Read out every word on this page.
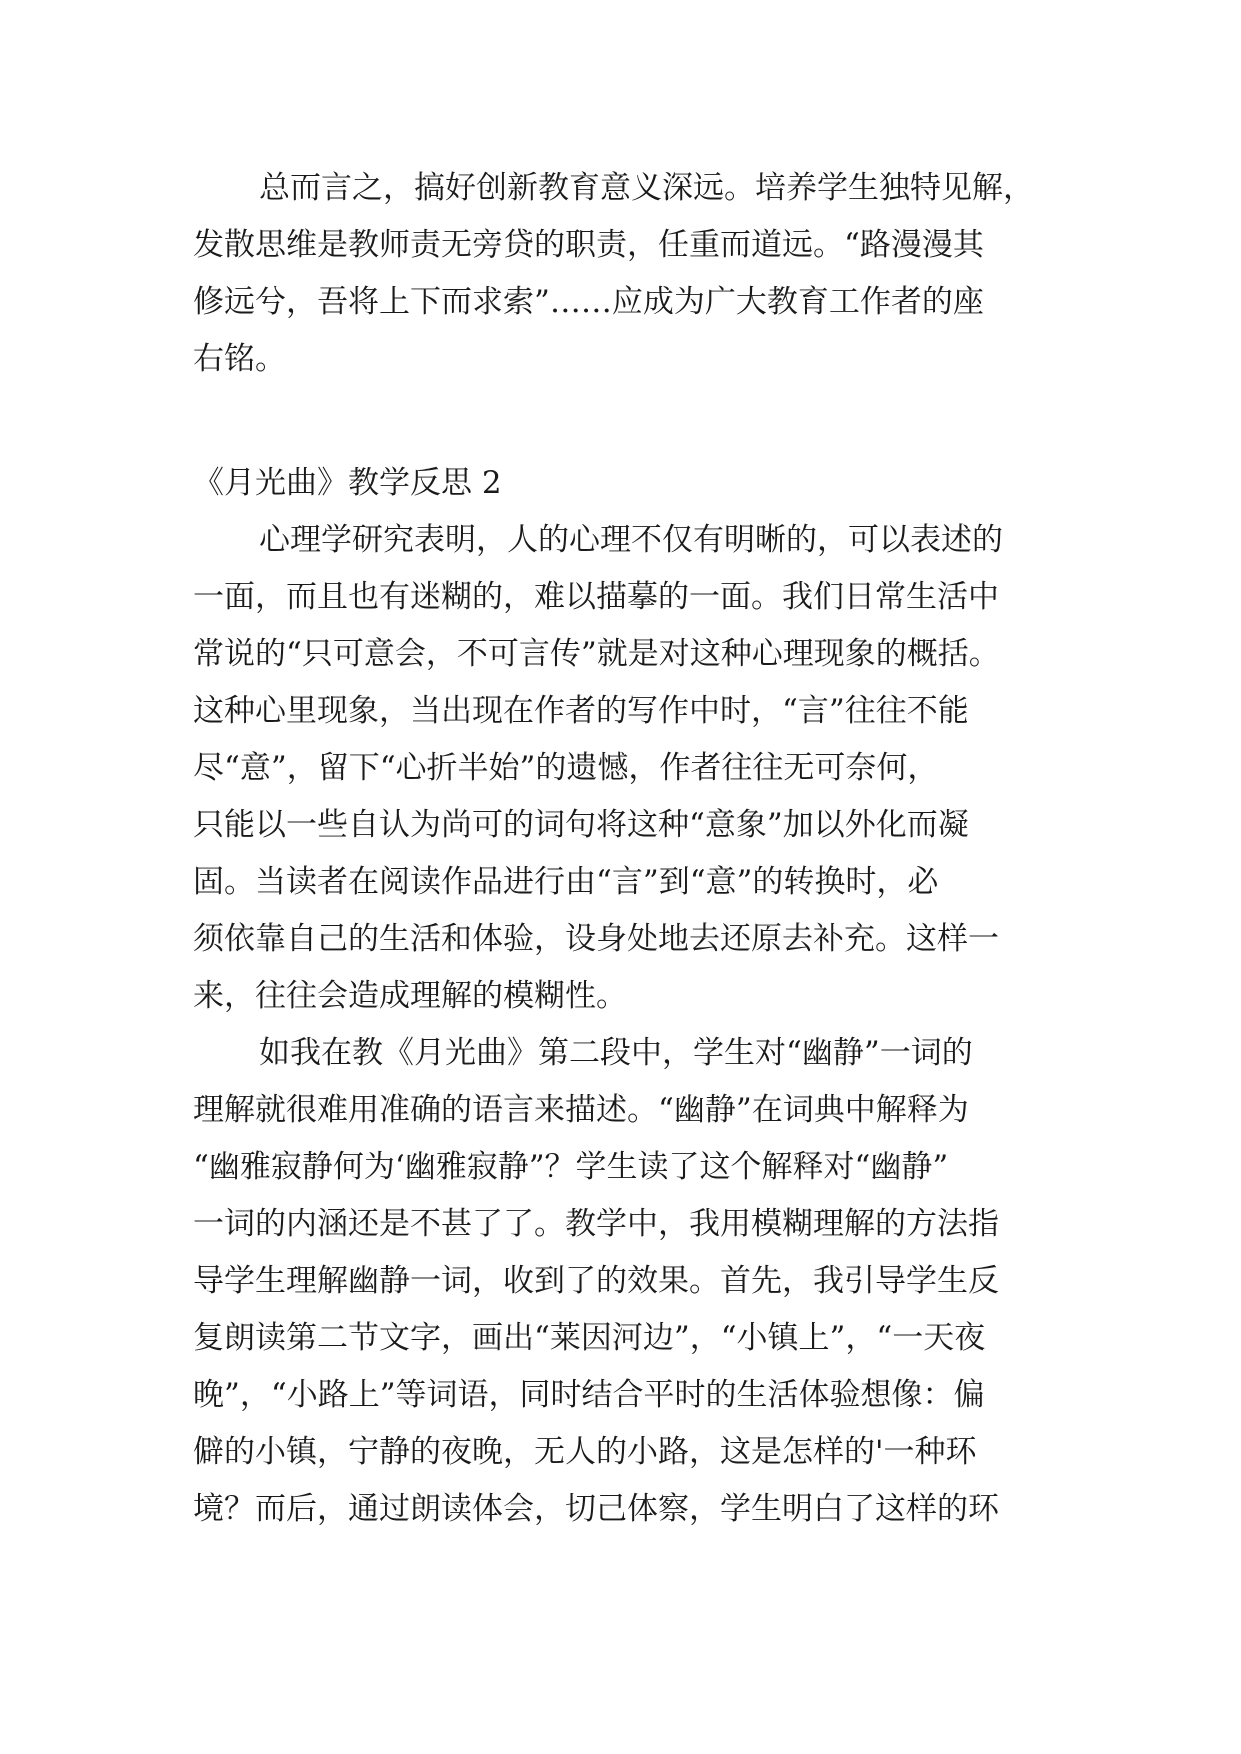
总而言之，搞好创新教育意义深远。培养学生独特见解，
发散思维是教师责无旁贷的职责，任重而道远。“路漫漫其
修远兮，吾将上下而求索”……应成为广大教育工作者的座
右铭。
《月光曲》教学反思 2
心理学研究表明，人的心理不仅有明晰的，可以表述的
一面，而且也有迷糊的，难以描摹的一面。我们日常生活中
常说的“只可意会，不可言传”就是对这种心理现象的概括。
这种心里现象，当出现在作者的写作中时，“言”往往不能
尽“意”，留下“心折半始”的遗憾，作者往往无可奈何，
只能以一些自认为尚可的词句将这种“意象”加以外化而凝
固。当读者在阅读作品进行由“言”到“意”的转换时，必
须依靠自己的生活和体验，设身处地去还原去补充。这样一
来，往往会造成理解的模糊性。
如我在教《月光曲》第二段中，学生对“幽静”一词的
理解就很难用准确的语言来描述。“幽静”在词典中解释为
“幽雅寂静何为‘幽雅寂静”？学生读了这个解释对“幽静”
一词的内涵还是不甚了了。教学中，我用模糊理解的方法指
导学生理解幽静一词，收到了的效果。首先，我引导学生反
复朗读第二节文字，画出“莱因河边”，“小镇上”，“一天夜
晚”，“小路上”等词语，同时结合平时的生活体验想像：偏
僻的小镇，宁静的夜晚，无人的小路，这是怎样的'一种环
境？而后，通过朗读体会，切己体察，学生明白了这样的环
